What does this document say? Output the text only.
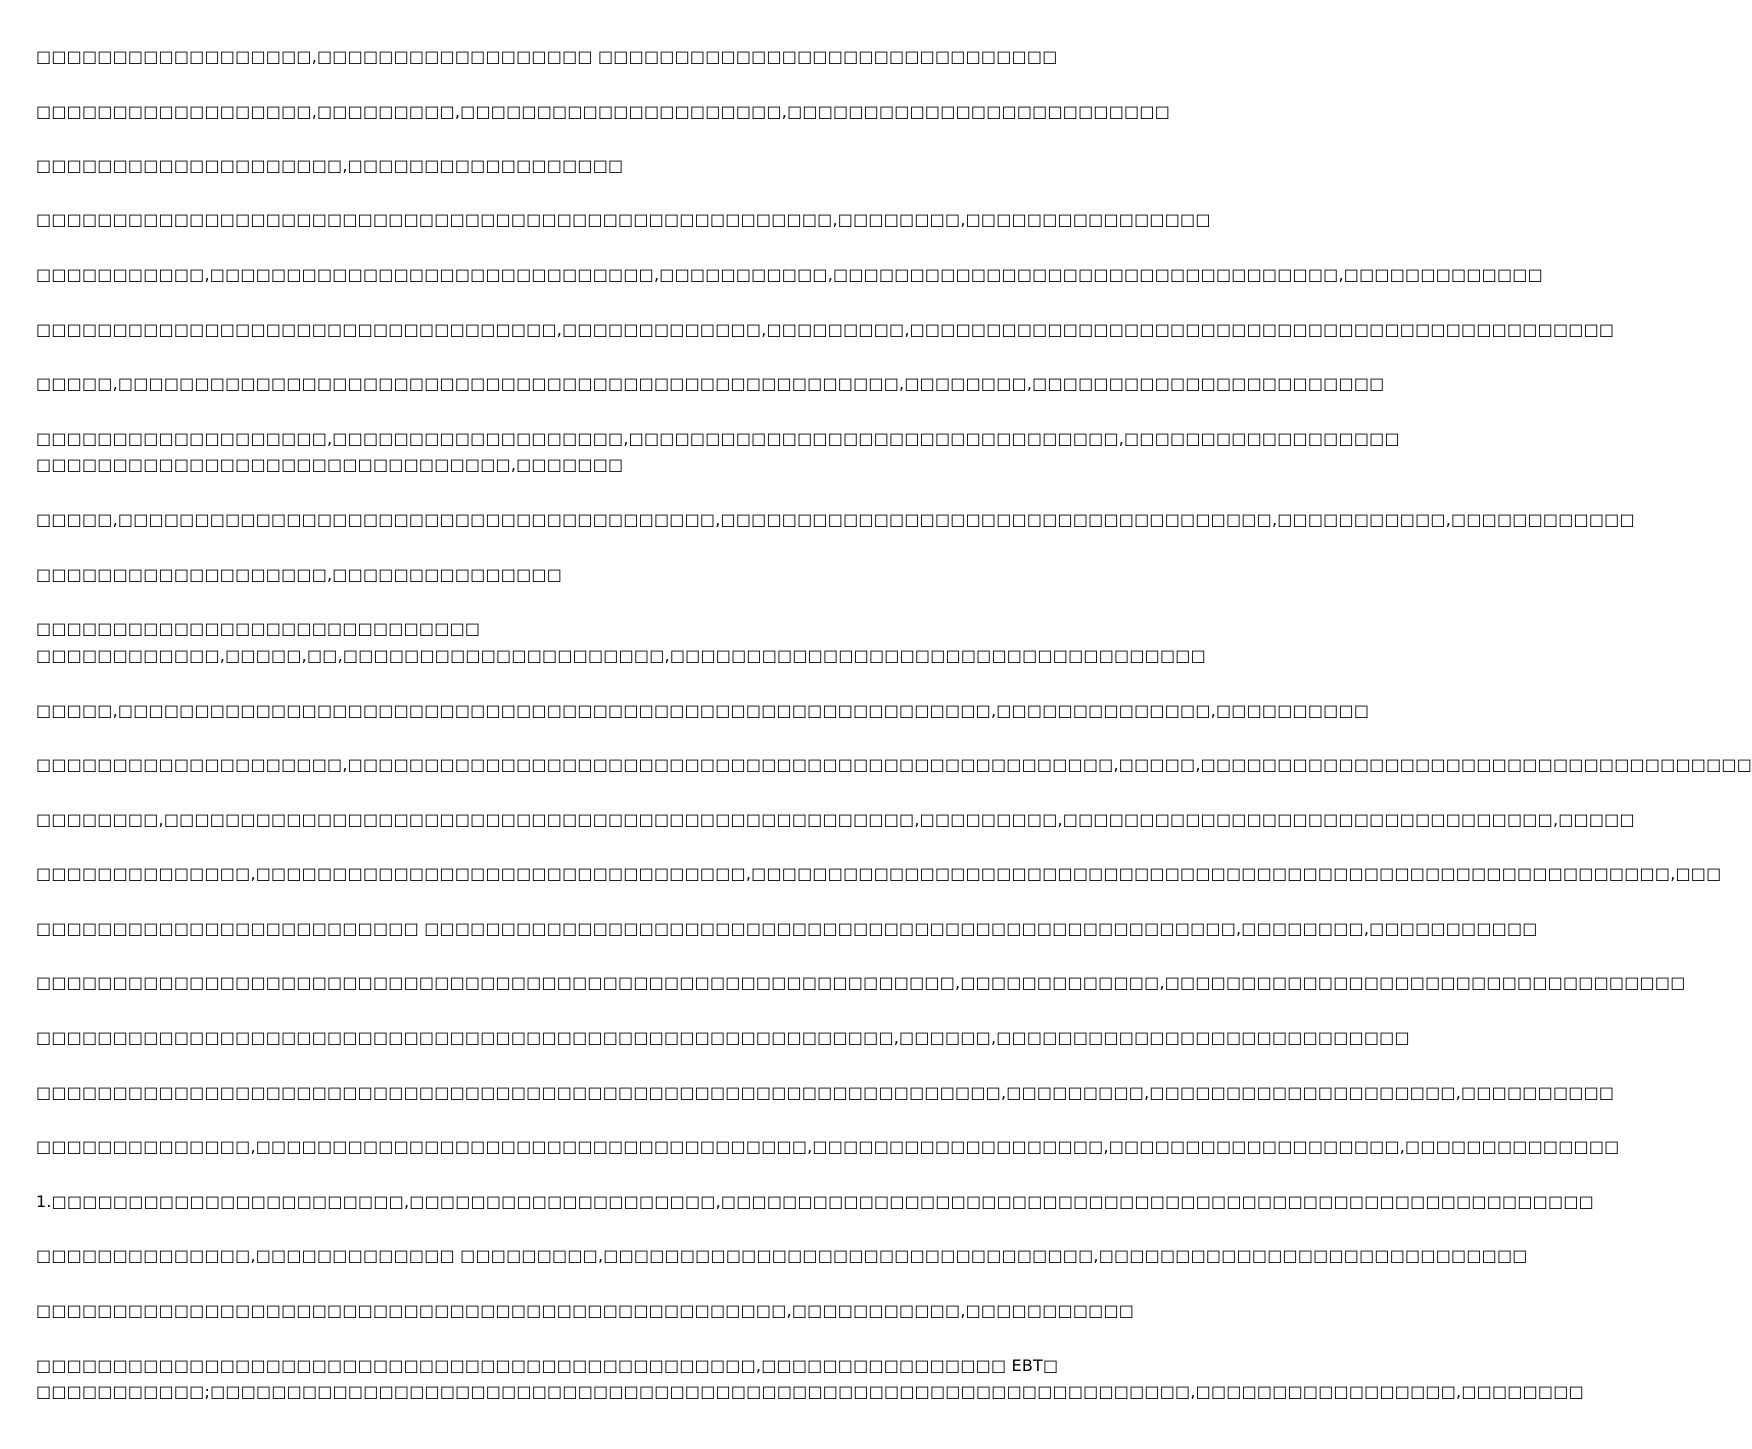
□□□□□□□□□□□□□□□□□□,□□□□□□□□□□□□□□□□□□ □□□□□□□□□□□□□□□□□□□□□□□□□□□□□□
□□□□□□□□□□□□□□□□□□,□□□□□□□□□,□□□□□□□□□□□□□□□□□□□□□,□□□□□□□□□□□□□□□□□□□□□□□□□
□□□□□□□□□□□□□□□□□□□□,□□□□□□□□□□□□□□□□□□
□□□□□□□□□□□□□□□□□□□□□□□□□□□□□□□□□□□□□□□□□□□□□□□□□□□□,□□□□□□□□,□□□□□□□□□□□□□□□□
□□□□□□□□□□□,□□□□□□□□□□□□□□□□□□□□□□□□□□□□□,□□□□□□□□□□□,□□□□□□□□□□□□□□□□□□□□□□□□□□□□□□□□□,□□□□□□□□□□□□□
□□□□□□□□□□□□□□□□□□□□□□□□□□□□□□□□□□,□□□□□□□□□□□□□,□□□□□□□□□,□□□□□□□□□□□□□□□□□□□□□□□□□□□□□□□□□□□□□□□□□□□□□□
□□□□□,□□□□□□□□□□□□□□□□□□□□□□□□□□□□□□□□□□□□□□□□□□□□□□□□□□□,□□□□□□□□,□□□□□□□□□□□□□□□□□□□□□□□
□□□□□□□□□□□□□□□□□□□,□□□□□□□□□□□□□□□□□□□,□□□□□□□□□□□□□□□□□□□□□□□□□□□□□□□□,□□□□□□□□□□□□□□□□□□
□□□□□□□□□□□□□□□□□□□□□□□□□□□□□□□,□□□□□□□
□□□□□,□□□□□□□□□□□□□□□□□□□□□□□□□□□□□□□□□□□□□□□,□□□□□□□□□□□□□□□□□□□□□□□□□□□□□□□□□□□□,□□□□□□□□□□□,□□□□□□□□□□□□
□□□□□□□□□□□□□□□□□□□,□□□□□□□□□□□□□□□
□□□□□□□□□□□□□□□□□□□□□□□□□□□□□
□□□□□□□□□□□□,□□□□□,□□,□□□□□□□□□□□□□□□□□□□□□,□□□□□□□□□□□□□□□□□□□□□□□□□□□□□□□□□□□
□□□□□,□□□□□□□□□□□□□□□□□□□□□□□□□□□□□□□□□□□□□□□□□□□□□□□□□□□□□□□□□,□□□□□□□□□□□□□□,□□□□□□□□□□
□□□□□□□□□□□□□□□□□□□□,□□□□□□□□□□□□□□□□□□□□□□□□□□□□□□□□□□□□□□□□□□□□□□□□□□,□□□□□,□□□□□□□□□□□□□□□□□□□□□□□□□□□□□□□□□□□□
□□□□□□□□,□□□□□□□□□□□□□□□□□□□□□□□□□□□□□□□□□□□□□□□□□□□□□□□□□,□□□□□□□□□,□□□□□□□□□□□□□□□□□□□□□□□□□□□□□□□□,□□□□□
□□□□□□□□□□□□□□,□□□□□□□□□□□□□□□□□□□□□□□□□□□□□□□□,□□□□□□□□□□□□□□□□□□□□□□□□□□□□□□□□□□□□□□□□□□□□□□□□□□□□□□□□□□□□,□□□
□□□□□□□□□□□□□□□□□□□□□□□□□ □□□□□□□□□□□□□□□□□□□□□□□□□□□□□□□□□□□□□□□□□□□□□□□□□□□□□,□□□□□□□□,□□□□□□□□□□□
□□□□□□□□□□□□□□□□□□□□□□□□□□□□□□□□□□□□□□□□□□□□□□□□□□□□□□□□□□□□,□□□□□□□□□□□□□,□□□□□□□□□□□□□□□□□□□□□□□□□□□□□□□□□□
□□□□□□□□□□□□□□□□□□□□□□□□□□□□□□□□□□□□□□□□□□□□□□□□□□□□□□□□,□□□□□□,□□□□□□□□□□□□□□□□□□□□□□□□□□□
□□□□□□□□□□□□□□□□□□□□□□□□□□□□□□□□□□□□□□□□□□□□□□□□□□□□□□□□□□□□□□□,□□□□□□□□□,□□□□□□□□□□□□□□□□□□□□,□□□□□□□□□□
□□□□□□□□□□□□□□,□□□□□□□□□□□□□□□□□□□□□□□□□□□□□□□□□□□□,□□□□□□□□□□□□□□□□□□□,□□□□□□□□□□□□□□□□□□□,□□□□□□□□□□□□□□
1.□□□□□□□□□□□□□□□□□□□□□□□,□□□□□□□□□□□□□□□□□□□□,□□□□□□□□□□□□□□□□□□□□□□□□□□□□□□□□□□□□□□□□□□□□□□□□□□□□□□□□□
□□□□□□□□□□□□□□,□□□□□□□□□□□□□ □□□□□□□□□,□□□□□□□□□□□□□□□□□□□□□□□□□□□□□□□□,□□□□□□□□□□□□□□□□□□□□□□□□□□□□
□□□□□□□□□□□□□□□□□□□□□□□□□□□□□□□□□□□□□□□□□□□□□□□□□,□□□□□□□□□□□,□□□□□□□□□□□
□□□□□□□□□□□□□□□□□□□□□□□□□□□□□□□□□□□□□□□□□□□□□□□,□□□□□□□□□□□□□□□□ EBT□
□□□□□□□□□□□;□□□□□□□□□□□□□□□□□□□□□□□□□□□□□□□□□□□□□□□□□□□□□□□□□□□□□□□□□□□□□□□□,□□□□□□□□□□□□□□□□□,□□□□□□□□
